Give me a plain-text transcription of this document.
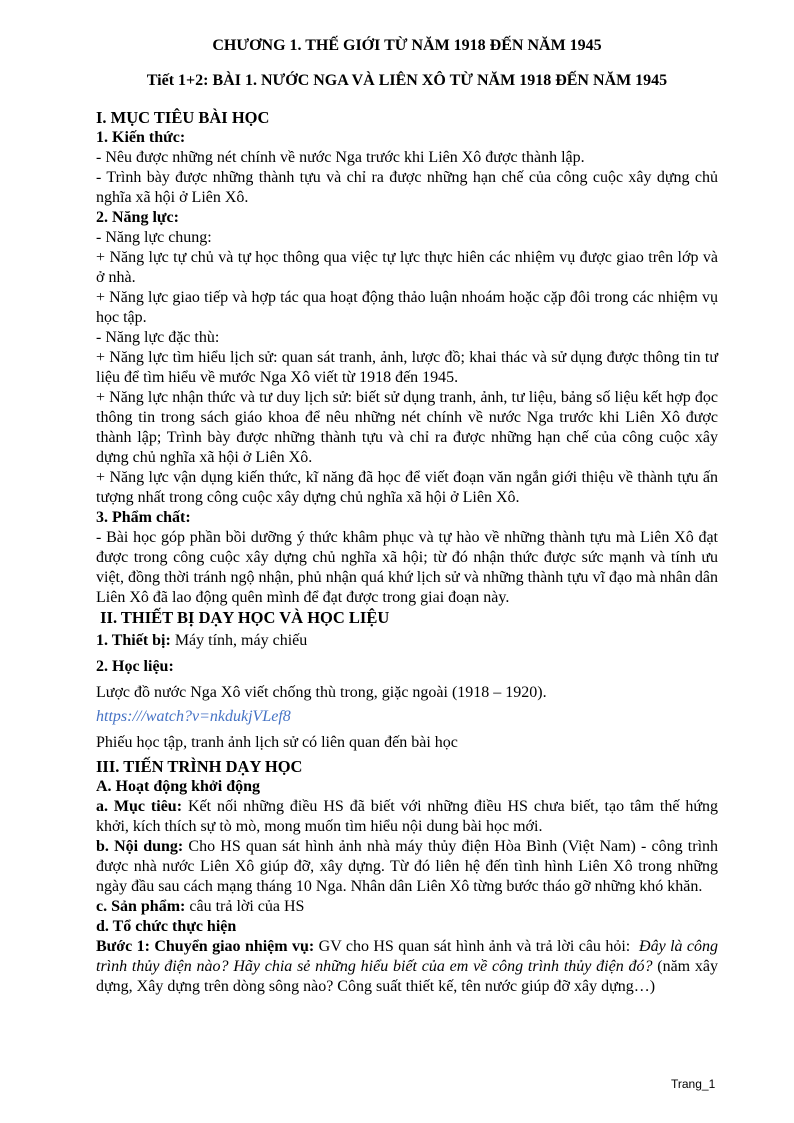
CHƯƠNG 1. THẾ GIỚI TỪ NĂM 1918 ĐẾN NĂM 1945
Tiết 1+2: BÀI 1. NƯỚC NGA VÀ LIÊN XÔ TỪ NĂM 1918 ĐẾN NĂM 1945

I. MỤC TIÊU BÀI HỌC

1. Kiến thức:

- Nêu được những nét chính về nước Nga trước khi Liên Xô được thành lập.

- Trình bày được những thành tựu và chỉ ra được những hạn chế của công cuộc xây dựng chủ nghĩa xã hội ở Liên Xô.

2. Năng lực:

- Năng lực chung:

+ Năng lực tự chủ và tự học thông qua việc tự lực thực hiên các nhiệm vụ được giao trên lớp và ở nhà.

+ Năng lực giao tiếp và hợp tác qua hoạt động thảo luận nhoám hoặc cặp đôi trong các nhiệm vụ học tập.

- Năng lực đặc thù:

+ Năng lực tìm hiểu lịch sử: quan sát tranh, ảnh, lược đồ; khai thác và sử dụng được thông tin tư liệu để tìm hiểu về mước Nga Xô viết từ 1918 đến 1945.

+ Năng lực nhận thức và tư duy lịch sử: biết sử dụng tranh, ảnh, tư liệu, bảng số liệu kết hợp đọc thông tin trong sách giáo khoa để nêu những nét chính về nước Nga trước khi Liên Xô được thành lập; Trình bày được những thành tựu và chỉ ra được những hạn chế của công cuộc xây dựng chủ nghĩa xã hội ở Liên Xô.

+ Năng lực vận dụng kiến thức, kĩ năng đã học để viết đoạn văn ngắn giới thiệu về thành tựu ấn tượng nhất trong công cuộc xây dựng chủ nghĩa xã hội ở Liên Xô.

3. Phẩm chất:

- Bài học góp phần bồi dưỡng ý thức khâm phục và tự hào về những thành tựu mà Liên Xô đạt được trong công cuộc xây dựng chủ nghĩa xã hội; từ đó nhận thức được sức mạnh và tính ưu việt, đồng thời tránh ngộ nhận, phủ nhận quá khứ lịch sử và những thành tựu vĩ đạo mà nhân dân Liên Xô đã lao động quên mình để đạt được trong giai đoạn này.

II. THIẾT BỊ DẠY HỌC VÀ HỌC LIỆU

1. Thiết bị: Máy tính, máy chiếu

2. Học liệu:

Lược đồ nước Nga Xô viết chống thù trong, giặc ngoài (1918 – 1920).

https:///watch?v=nkdukjVLef8

Phiếu học tập, tranh ảnh lịch sử có liên quan đến bài học

III. TIẾN TRÌNH DẠY HỌC

A. Hoạt động khởi động

a. Mục tiêu: Kết nối những điều HS đã biết với những điều HS chưa biết, tạo tâm thế hứng khởi, kích thích sự tò mò, mong muốn tìm hiểu nội dung bài học mới.

b. Nội dung: Cho HS quan sát hình ảnh nhà máy thủy điện Hòa Bình (Việt Nam) - công trình được nhà nước Liên Xô giúp đỡ, xây dựng. Từ đó liên hệ đến tình hình Liên Xô trong những ngày đầu sau cách mạng tháng 10 Nga. Nhân dân Liên Xô từng bước tháo gỡ những khó khăn.

c. Sản phẩm: câu trả lời của HS

d. Tổ chức thực hiện

Bước 1: Chuyển giao nhiệm vụ: GV cho HS quan sát hình ảnh và trả lời câu hỏi:  Đây là công trình thủy điện nào? Hãy chia sẻ những hiểu biết của em về công trình thủy điện đó? (năm xây dựng, Xây dựng trên dòng sông nào? Công suất thiết kế, tên nước giúp đỡ xây dựng…)

Trang_1
